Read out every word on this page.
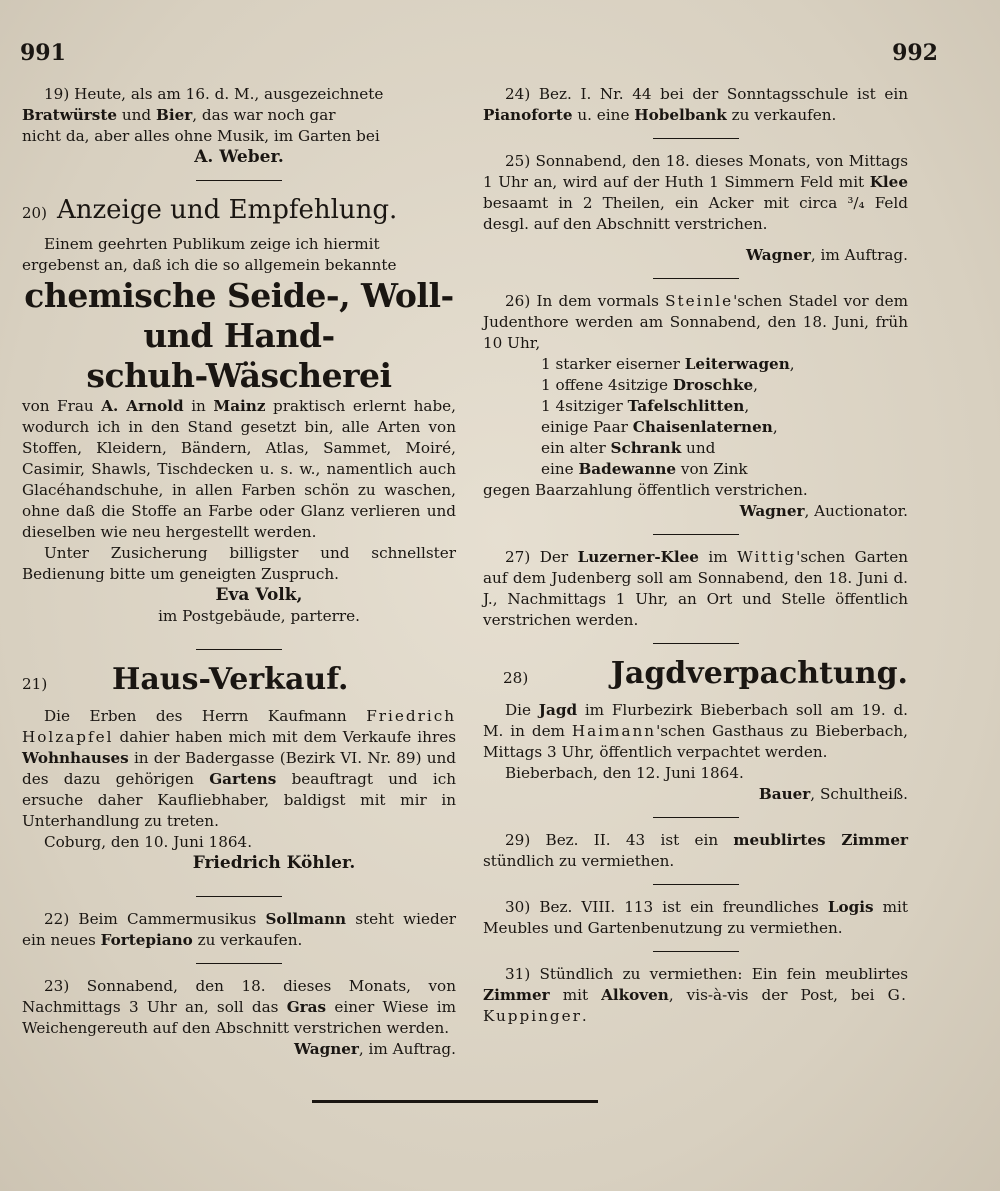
991	992

19) Heute, als am 16. d. M., ausgezeichnete

Bratwürste und Bier, das war noch gar

nicht da, aber alles ohne Musik, im Garten bei

A. Weber.

20) Anzeige und Empfehlung.

Einem geehrten Publikum zeige ich hiermit

ergebenst an, daß ich die so allgemein bekannte

chemische Seide-, Woll- und Hand-
schuh-Wäscherei

von Frau A. Arnold in Mainz praktisch erlernt habe, wodurch ich in den Stand gesetzt bin, alle Arten von Stoffen, Kleidern, Bändern, Atlas, Sammet, Moiré, Casimir, Shawls, Tischdecken u. s. w., namentlich auch Glacéhandschuhe, in allen Farben schön zu waschen, ohne daß die Stoffe an Farbe oder Glanz verlieren und dieselben wie neu hergestellt werden.

Unter Zusicherung billigster und schnellster Bedienung bitte um geneigten Zuspruch.

Eva Volk,

im Postgebäude, parterre.

21)	Haus-Verkauf.

Die Erben des Herrn Kaufmann Friedrich Holzapfel dahier haben mich mit dem Verkaufe ihres Wohnhauses in der Badergasse (Bezirk VI. Nr. 89) und des dazu gehörigen Gartens beauftragt und ich ersuche daher Kaufliebhaber, baldigst mit mir in Unterhandlung zu treten.

Coburg, den 10. Juni 1864.

Friedrich Köhler.

22) Beim Cammermusikus Sollmann steht wieder ein neues Fortepiano zu verkaufen.

23) Sonnabend, den 18. dieses Monats, von Nachmittags 3 Uhr an, soll das Gras einer Wiese im Weichengereuth auf den Abschnitt verstrichen werden.

Wagner, im Auftrag.

24) Bez. I. Nr. 44 bei der Sonntagsschule ist ein Pianoforte u. eine Hobelbank zu verkaufen.

25) Sonnabend, den 18. dieses Monats, von Mittags 1 Uhr an, wird auf der Huth 1 Simmern Feld mit Klee besaamt in 2 Theilen, ein Acker mit circa ³/₄ Feld desgl. auf den Abschnitt verstrichen.

Wagner, im Auftrag.

26) In dem vormals Steinle'schen Stadel vor dem Judenthore werden am Sonnabend, den 18. Juni, früh 10 Uhr,

1 starker eiserner Leiterwagen,

1 offene 4sitzige Droschke,

1 4sitziger Tafelschlitten,

einige Paar Chaisenlaternen,

ein alter Schrank und

eine Badewanne von Zink

gegen Baarzahlung öffentlich verstrichen.

Wagner, Auctionator.

27) Der Luzerner-Klee im Wittig'schen Garten auf dem Judenberg soll am Sonnabend, den 18. Juni d. J., Nachmittags 1 Uhr, an Ort und Stelle öffentlich verstrichen werden.

28)	Jagdverpachtung.

Die Jagd im Flurbezirk Bieberbach soll am 19. d. M. in dem Haimann'schen Gasthaus zu Bieberbach, Mittags 3 Uhr, öffentlich verpachtet werden.

Bieberbach, den 12. Juni 1864.

Bauer, Schultheiß.

29) Bez. II. 43 ist ein meublirtes Zimmer stündlich zu vermiethen.

30) Bez. VIII. 113 ist ein freundliches Logis mit Meubles und Gartenbenutzung zu vermiethen.

31) Stündlich zu vermiethen: Ein fein meublirtes Zimmer mit Alkoven, vis-à-vis der Post, bei G. Kuppinger.
